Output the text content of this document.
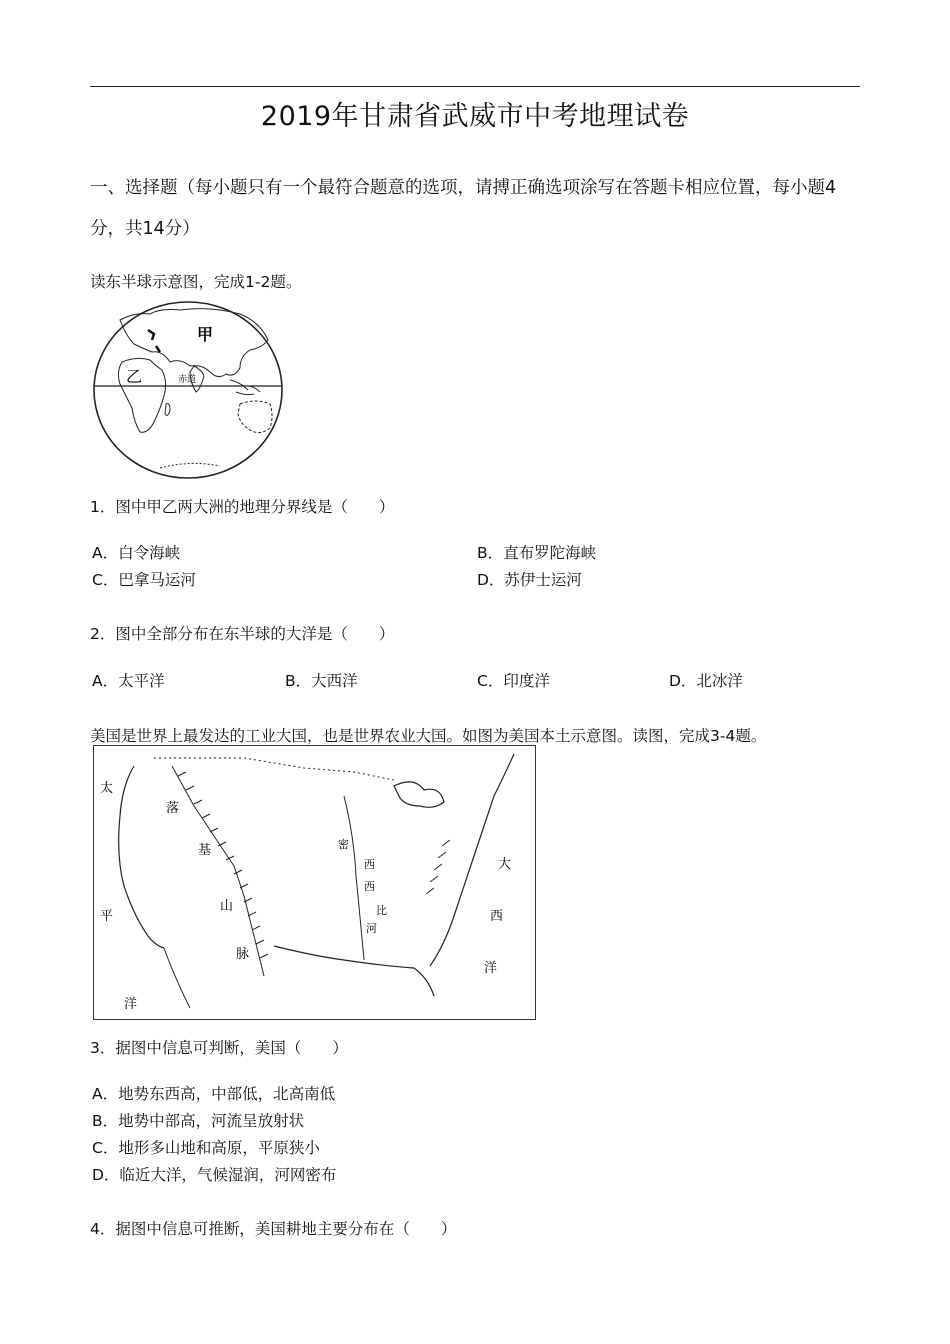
2019年甘肃省武威市中考地理试卷
一、选择题（每小题只有一个最符合题意的选项，请搏正确选项涂写在答题卡相应位置，每小题4分，共14分）
读东半球示意图，完成1-2题。
甲
乙	赤道
1．图中甲乙两大洲的地理分界线是（　　）
A．白令海峡	B．直布罗陀海峡
C．巴拿马运河	D．苏伊士运河
2．图中全部分布在东半球的大洋是（　　）
A．太平洋	B．大西洋	C．印度洋	D．北冰洋
美国是世界上最发达的工业大国，也是世界农业大国。如图为美国本土示意图。读图，完成3-4题。
太
平
洋
落
基
山
脉
密
西
西
比
河
大
西
洋
3．据图中信息可判断，美国（　　）
A．地势东西高，中部低，北高南低
B．地势中部高，河流呈放射状
C．地形多山地和高原，平原狭小
D．临近大洋，气候湿润，河网密布
4．据图中信息可推断，美国耕地主要分布在（　　）
